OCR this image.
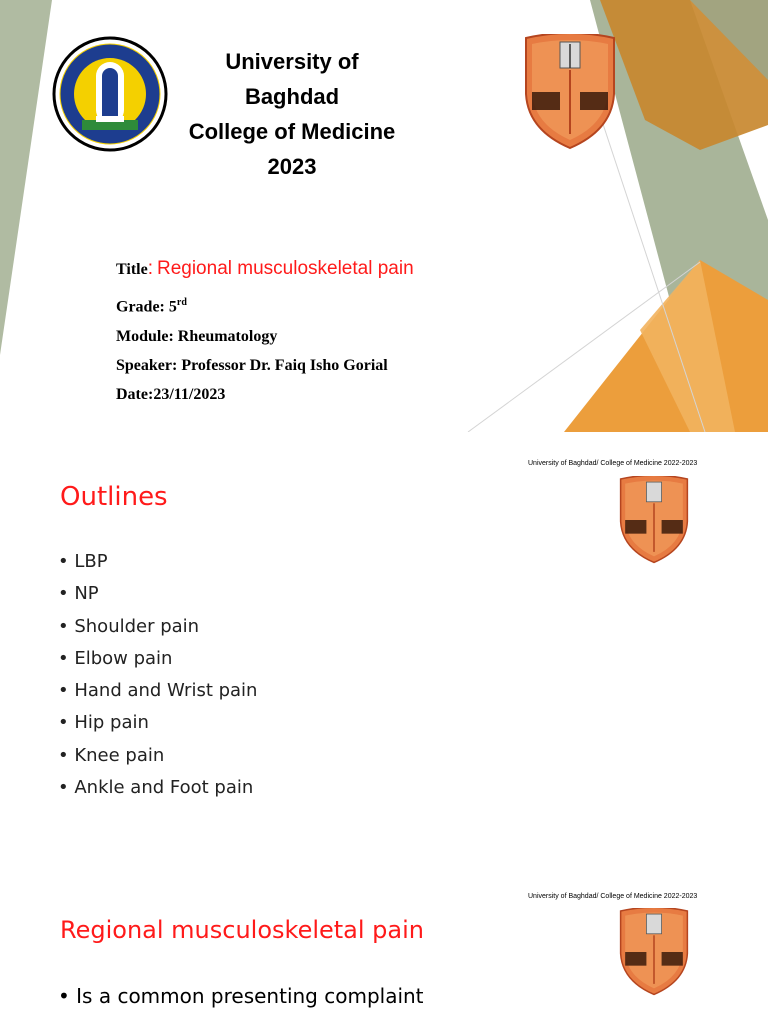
University of Baghdad
College of Medicine
2023
Title: Regional musculoskeletal pain
Grade: 5rd
Module: Rheumatology
Speaker: Professor Dr. Faiq Isho Gorial
Date:23/11/2023
University of Baghdad/ College of Medicine 2022-2023
Outlines
• LBP
• NP
• Shoulder pain
• Elbow pain
• Hand and Wrist pain
• Hip pain
• Knee pain
• Ankle and Foot pain
University of Baghdad/ College of Medicine 2022-2023
Regional musculoskeletal pain
• Is a common presenting complaint
